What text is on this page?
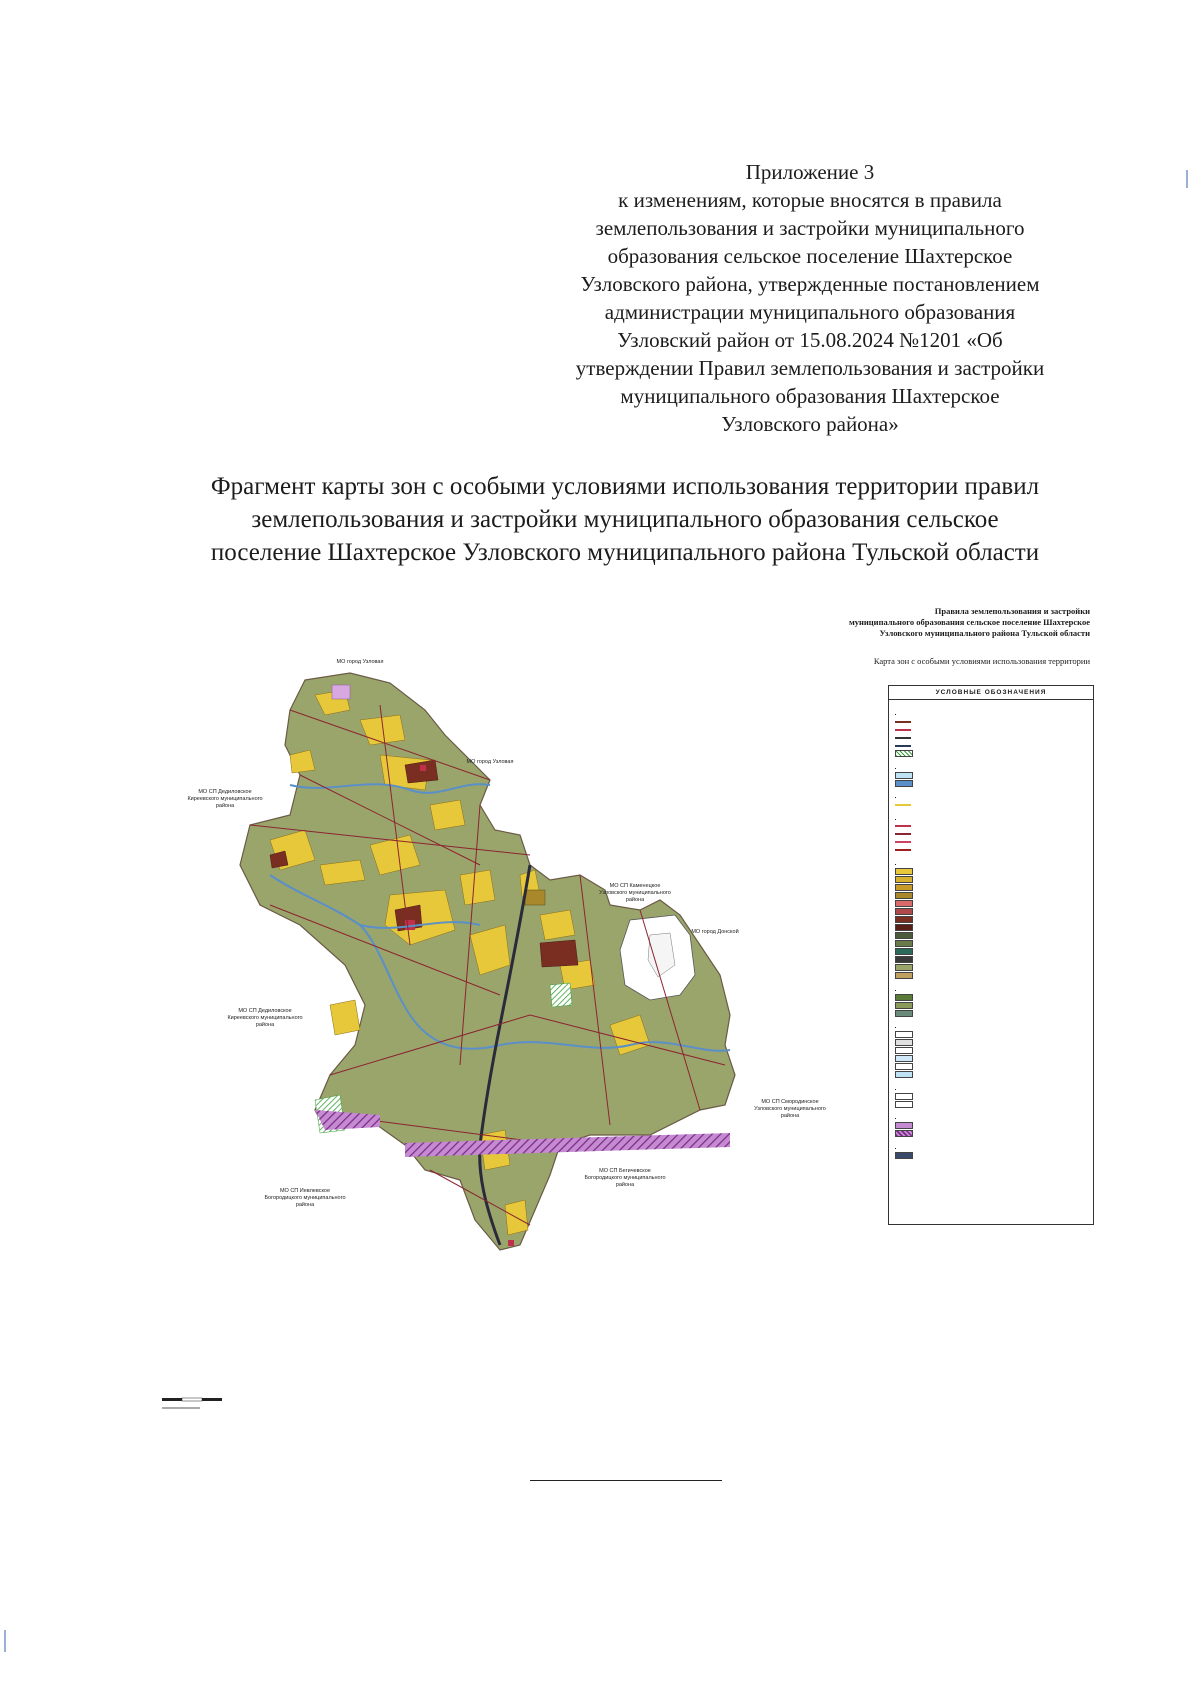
Приложение 3
к изменениям, которые вносятся в правила
землепользования и застройки муниципального
образования сельское поселение Шахтерское
Узловского района, утвержденные постановлением
администрации муниципального образования
Узловский район от 15.08.2024 №1201 «Об
утверждении Правил землепользования и застройки
муниципального образования Шахтерское
Узловского района»
Фрагмент карты зон с особыми условиями использования территории правил
землепользования и застройки муниципального образования сельское
поселение Шахтерское Узловского муниципального района Тульской области
Правила землепользования и застройки
муниципального образования сельское поселение Шахтерское
Узловского муниципального района Тульской области
Карта зон с особыми условиями использования территории
МО город Узловая
МО город Узловая
МО СП Дедиловское
Киреевского муниципального
района
МО СП Каменецкое
Узловского муниципального
района
МО город Донской
МО СП Дедиловское
Киреевского муниципального
района
МО СП Смородинское
Узловского муниципального
района
МО СП Иевлевское
Богородицкого муниципального
района
МО СП Бегичевское
Богородицкого муниципального
района
УСЛОВНЫЕ ОБОЗНАЧЕНИЯ
